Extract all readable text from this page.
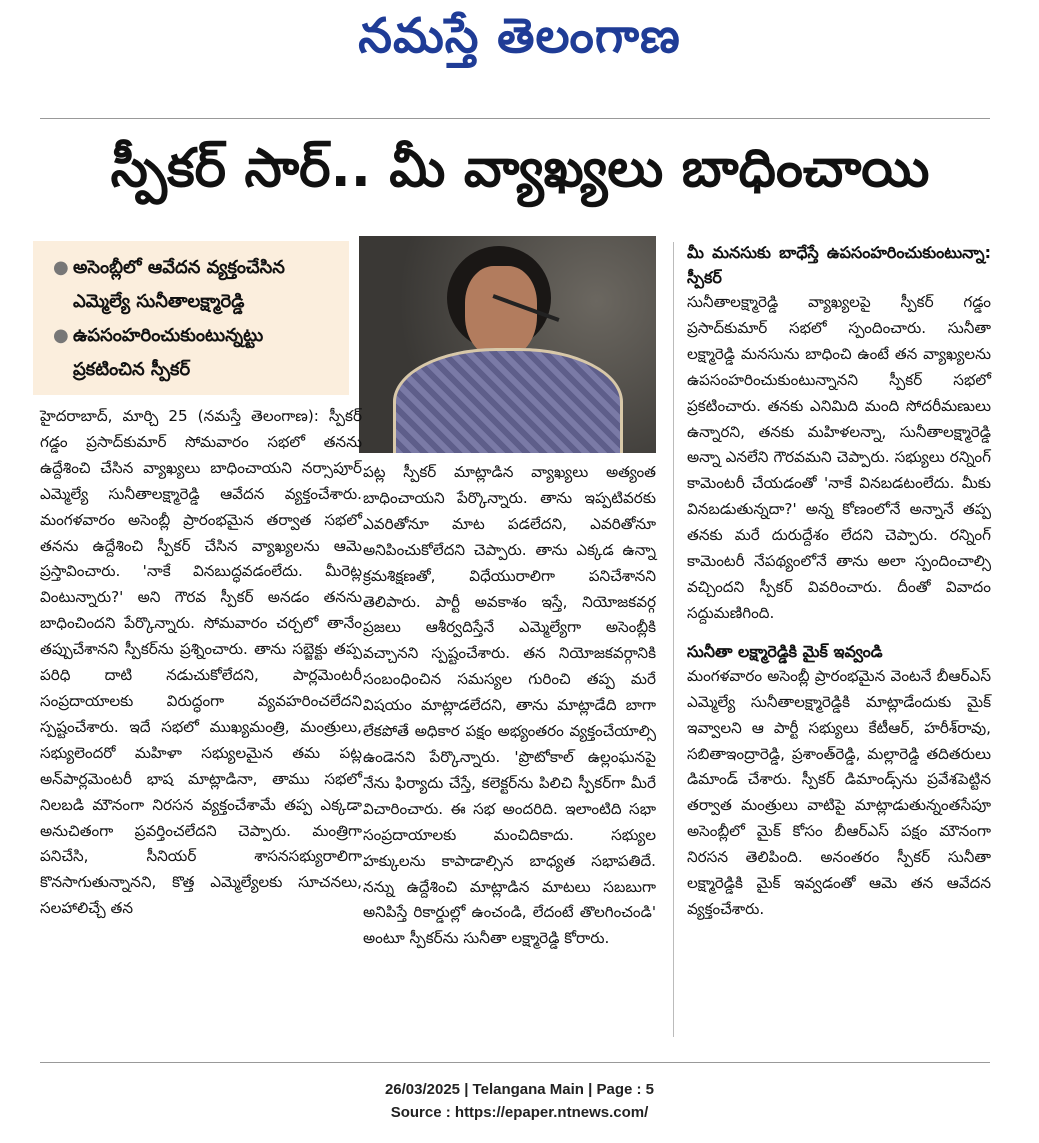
నమస్తే తెలంగాణ
స్పీకర్ సార్.. మీ వ్యాఖ్యలు బాధించాయి
● అసెంబ్లీలో ఆవేదన వ్యక్తంచేసిన ఎమ్మెల్యే సునీతాలక్ష్మారెడ్డి
● ఉపసంహరించుకుంటున్నట్టు ప్రకటించిన స్పీకర్

హైదరాబాద్, మార్చి 25 (నమస్తే తెలంగాణ): స్పీకర్ గడ్డం ప్రసాద్‌కుమార్ సోమవారం సభలో తనను ఉద్దేశించి చేసిన వ్యాఖ్యలు బాధించాయని నర్సాపూర్ ఎమ్మెల్యే సునీతాలక్ష్మారెడ్డి ఆవేదన వ్యక్తంచేశారు. మంగళవారం అసెంబ్లీ ప్రారంభమైన తర్వాత సభలో తనను ఉద్దేశించి స్పీకర్ చేసిన వ్యాఖ్యలను ఆమె ప్రస్తావించారు. 'నాకే వినబుద్ధవడంలేదు. మీరెట్ల వింటున్నారు?' అని గౌరవ స్పీకర్ అనడం తనను బాధించిందని పేర్కొన్నారు. సోమవారం చర్చలో తానేం తప్పుచేశానని స్పీకర్‌ను ప్రశ్నించారు. తాను సబ్జెక్టు తప్ప పరిధి దాటి నడుచుకోలేదని, పార్లమెంటరీ సంప్రదాయాలకు విరుద్ధంగా వ్యవహరించలేదని స్పష్టంచేశారు. ఇదే సభలో ముఖ్యమంత్రి, మంత్రులు, సభ్యులెందరో మహిళా సభ్యులమైన తమ పట్ల అన్‌పార్లమెంటరీ భాష మాట్లాడినా, తాము సభలో నిలబడి మౌనంగా నిరసన వ్యక్తంచేశామే తప్ప ఎక్కడా అనుచితంగా ప్రవర్తించలేదని చెప్పారు. మంత్రిగా పనిచేసి, సీనియర్ శాసనసభ్యురాలిగా కొనసాగుతున్నానని, కొత్త ఎమ్మెల్యేలకు సూచనలు, సలహాలిచ్చే తన

పట్ల స్పీకర్ మాట్లాడిన వ్యాఖ్యలు అత్యంత బాధించాయని పేర్కొన్నారు. తాను ఇప్పటివరకు ఎవరితోనూ మాట పడలేదని, ఎవరితోనూ అనిపించుకోలేదని చెప్పారు. తాను ఎక్కడ ఉన్నా క్రమశిక్షణతో, విధేయురాలిగా పనిచేశానని తెలిపారు. పార్టీ అవకాశం ఇస్తే, నియోజకవర్గ ప్రజలు ఆశీర్వదిస్తేనే ఎమ్మెల్యేగా అసెంబ్లీకి వచ్చానని స్పష్టంచేశారు. తన నియోజకవర్గానికి సంబంధించిన సమస్యల గురించి తప్ప మరే విషయం మాట్లాడలేదని, తాను మాట్లాడేది బాగా లేకపోతే అధికార పక్షం అభ్యంతరం వ్యక్తంచేయాల్సి ఉండెనని పేర్కొన్నారు. 'ప్రొటోకాల్ ఉల్లంఘనపై నేను ఫిర్యాదు చేస్తే, కలెక్టర్‌ను పిలిచి స్పీకర్‌గా మీరే విచారించారు. ఈ సభ అందరిది. ఇలాంటిది సభా సంప్రదాయాలకు మంచిదికాదు. సభ్యుల హక్కులను కాపాడాల్సిన బాధ్యత సభాపతిదే. నన్ను ఉద్దేశించి మాట్లాడిన మాటలు సబబుగా అనిపిస్తే రికార్డుల్లో ఉంచండి, లేదంటే తొలగించండి' అంటూ స్పీకర్‌ను సునీతా లక్ష్మారెడ్డి కోరారు.

మీ మనసుకు బాధేస్తే ఉపసంహరించుకుంటున్నా: స్పీకర్

సునీతాలక్ష్మారెడ్డి వ్యాఖ్యలపై స్పీకర్ గడ్డం ప్రసాద్‌కుమార్ సభలో స్పందించారు. సునీతా లక్ష్మారెడ్డి మనసును బాధించి ఉంటే తన వ్యాఖ్యలను ఉపసంహరించుకుంటున్నానని స్పీకర్ సభలో ప్రకటించారు. తనకు ఎనిమిది మంది సోదరీమణులు ఉన్నారని, తనకు మహిళలన్నా, సునీతాలక్ష్మారెడ్డి అన్నా ఎనలేని గౌరవమని చెప్పారు. సభ్యులు రన్నింగ్ కామెంటరీ చేయడంతో 'నాకే వినబడటంలేదు. మీకు వినబడుతున్నదా?' అన్న కోణంలోనే అన్నానే తప్ప తనకు మరే దురుద్దేశం లేదని చెప్పారు. రన్నింగ్ కామెంటరీ నేపథ్యంలోనే తాను అలా స్పందించాల్సి వచ్చిందని స్పీకర్ వివరించారు. దీంతో వివాదం సద్దుమణిగింది.

సునీతా లక్ష్మారెడ్డికి మైక్ ఇవ్వండి

మంగళవారం అసెంబ్లీ ప్రారంభమైన వెంటనే బీఆర్‌ఎస్ ఎమ్మెల్యే సునీతాలక్ష్మారెడ్డికి మాట్లాడేందుకు మైక్ ఇవ్వాలని ఆ పార్టీ సభ్యులు కేటీఆర్, హరీశ్‌రావు, సబితాఇంద్రారెడ్డి, ప్రశాంత్‌రెడ్డి, మల్లారెడ్డి తదితరులు డిమాండ్ చేశారు. స్పీకర్ డిమాండ్స్‌ను ప్రవేశపెట్టిన తర్వాత మంత్రులు వాటిపై మాట్లాడుతున్నంతసేపూ అసెంబ్లీలో మైక్ కోసం బీఆర్‌ఎస్ పక్షం మౌనంగా నిరసన తెలిపింది. అనంతరం స్పీకర్ సునీతా లక్ష్మారెడ్డికి మైక్ ఇవ్వడంతో ఆమె తన ఆవేదన వ్యక్తంచేశారు.

26/03/2025 | Telangana Main | Page : 5
Source : https://epaper.ntnews.com/
